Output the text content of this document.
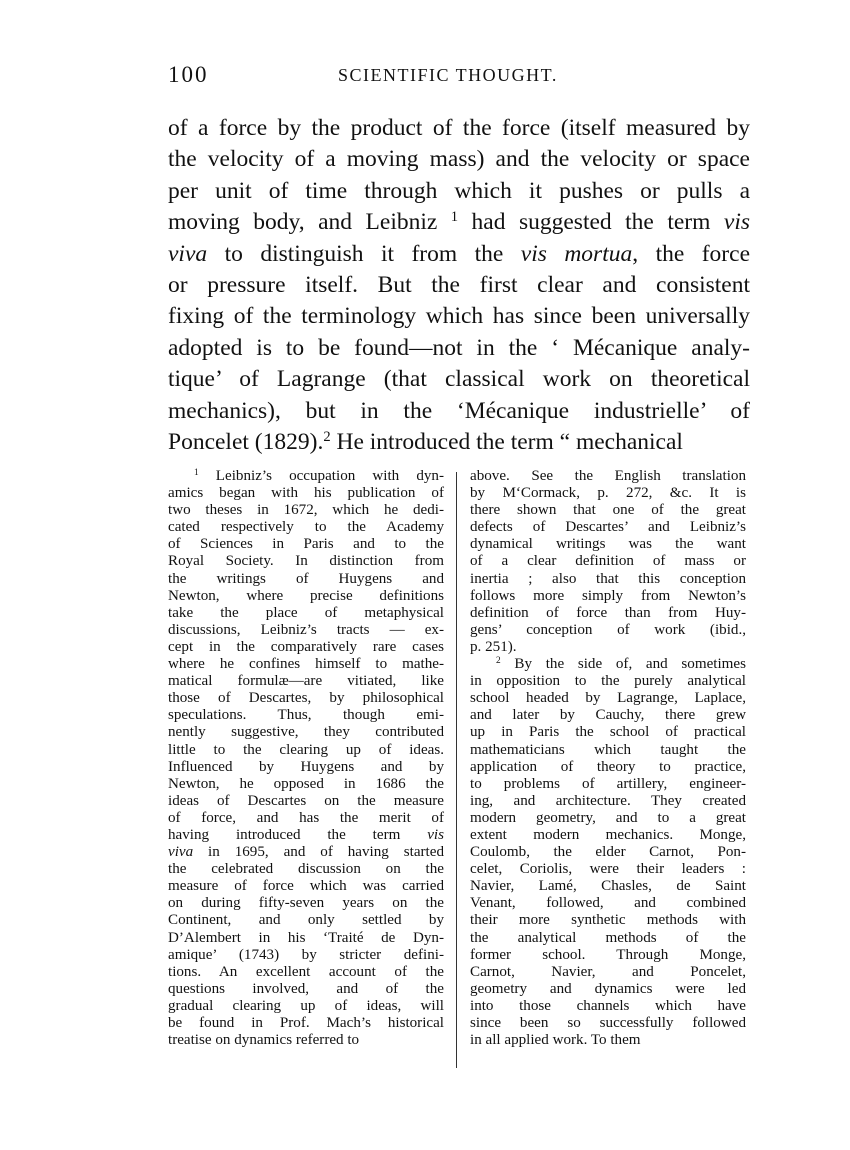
100	SCIENTIFIC THOUGHT.
of a force by the product of the force (itself measured by
the velocity of a moving mass) and the velocity or space
per unit of time through which it pushes or pulls a
moving body, and Leibniz $^1$ had suggested the term vis
viva to distinguish it from the vis mortua, the force
or pressure itself. But the first clear and consistent
fixing of the terminology which has since been universally
adopted is to be found—not in the ‘ Mécanique analy-
tique’ of Lagrange (that classical work on theoretical
mechanics), but in the ‘Mécanique industrielle’ of
Poncelet (1829).$^2$ He introduced the term “ mechanical
$^1$ Leibniz’s occupation with dyn-
amics began with his publication of
two theses in 1672, which he dedi-
cated respectively to the Academy
of Sciences in Paris and to the
Royal Society. In distinction from
the writings of Huygens and
Newton, where precise definitions
take the place of metaphysical
discussions, Leibniz’s tracts — ex-
cept in the comparatively rare cases
where he confines himself to mathe-
matical formulæ—are vitiated, like
those of Descartes, by philosophical
speculations. Thus, though emi-
nently suggestive, they contributed
little to the clearing up of ideas.
Influenced by Huygens and by
Newton, he opposed in 1686 the
ideas of Descartes on the measure
of force, and has the merit of
having introduced the term vis
viva in 1695, and of having started
the celebrated discussion on the
measure of force which was carried
on during fifty-seven years on the
Continent, and only settled by
D’Alembert in his ‘Traité de Dyn-
amique’ (1743) by stricter defini-
tions. An excellent account of the
questions involved, and of the
gradual clearing up of ideas, will
be found in Prof. Mach’s historical
treatise on dynamics referred to
above. See the English translation
by M‘Cormack, p. 272, &c. It is
there shown that one of the great
defects of Descartes’ and Leibniz’s
dynamical writings was the want
of a clear definition of mass or
inertia ; also that this conception
follows more simply from Newton’s
definition of force than from Huy-
gens’ conception of work (ibid.,
p. 251).
$^2$ By the side of, and sometimes
in opposition to the purely analytical
school headed by Lagrange, Laplace,
and later by Cauchy, there grew
up in Paris the school of practical
mathematicians which taught the
application of theory to practice,
to problems of artillery, engineer-
ing, and architecture. They created
modern geometry, and to a great
extent modern mechanics. Monge,
Coulomb, the elder Carnot, Pon-
celet, Coriolis, were their leaders :
Navier, Lamé, Chasles, de Saint
Venant, followed, and combined
their more synthetic methods with
the analytical methods of the
former school. Through Monge,
Carnot, Navier, and Poncelet,
geometry and dynamics were led
into those channels which have
since been so successfully followed
in all applied work. To them
